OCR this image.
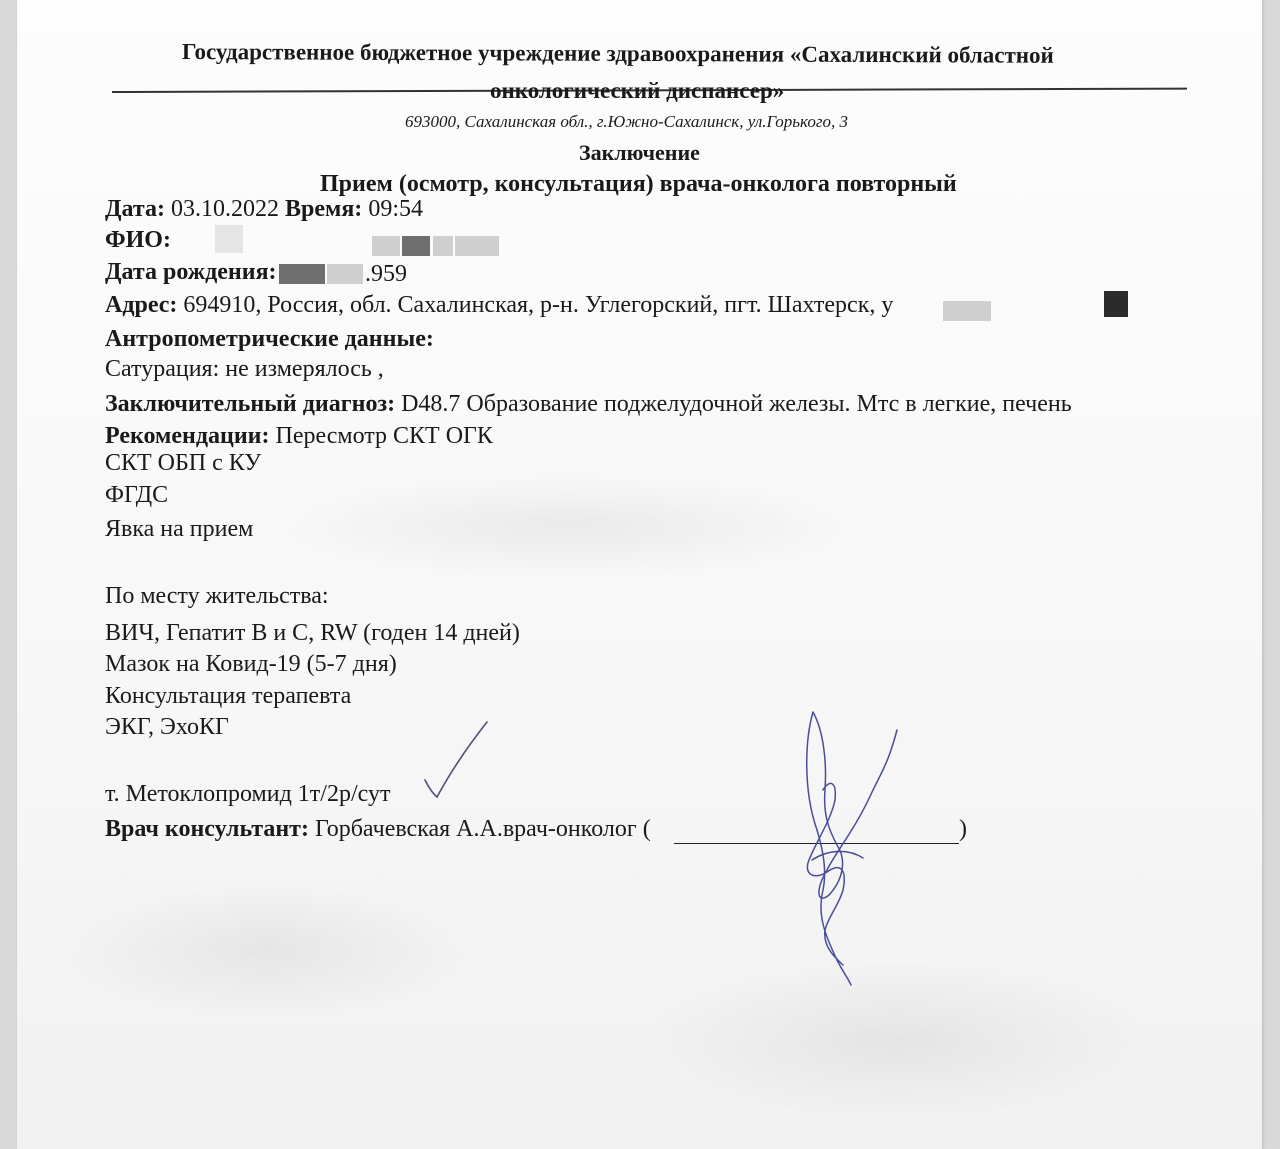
Государственное бюджетное учреждение здравоохранения «Сахалинский областной
онкологический диспансер»
693000, Сахалинская обл., г.Южно-Сахалинск, ул.Горького, 3
Заключение
Прием (осмотр, консультация) врача-онколога повторный
Дата: 03.10.2022 Время: 09:54
ФИО:
Дата рождения:	.959
Адрес: 694910, Россия, обл. Сахалинская, р-н. Углегорский, пгт. Шахтерск, у
Антропометрические данные:
Сатурация: не измерялось ,
Заключительный диагноз: D48.7 Образование поджелудочной железы. Мтс в легкие, печень
Рекомендации: Пересмотр СКТ ОГК
СКТ ОБП с КУ
ФГДС
Явка на прием
По месту жительства:
ВИЧ, Гепатит В и С, RW (годен 14 дней)
Мазок на Ковид-19 (5-7 дня)
Консультация терапевта
ЭКГ, ЭхоКГ
т. Метоклопромид 1т/2р/сут
Врач консультант: Горбачевская А.А.врач-онколог (	)
